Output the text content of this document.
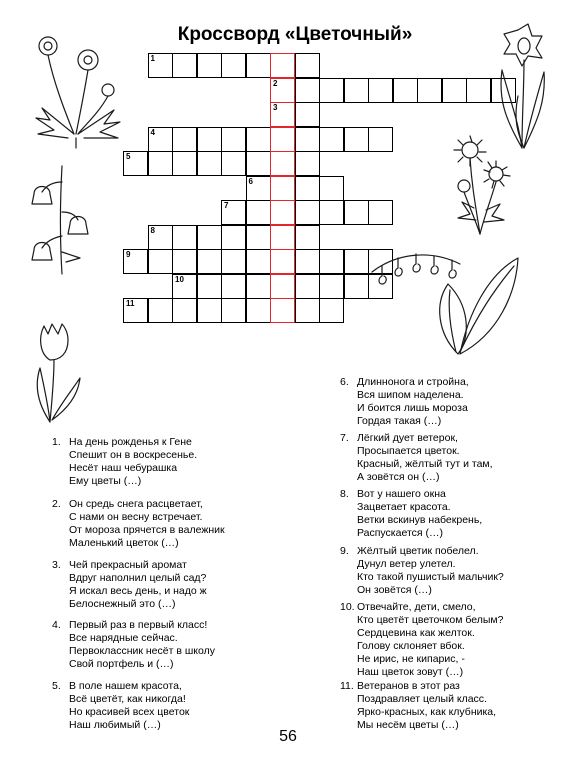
Кроссворд «Цветочный»
1
2
3
4
5
6
7
8
9
10
11
1. На день рожденья к Гене
Спешит он в воскресенье.
Несёт наш чебурашка
Ему цветы (…)
2. Он средь снега расцветает,
С нами он весну встречает.
От мороза прячется в валежник
Маленький цветок (…)
3. Чей прекрасный аромат
Вдруг наполнил целый сад?
Я искал весь день, и надо ж
Белоснежный это (…)
4. Первый раз в первый класс!
Все нарядные сейчас.
Первоклассник несёт в школу
Свой портфель и (…)
5. В поле нашем красота,
Всё цветёт, как никогда!
Но красивей всех цветок
Наш любимый (…)
6. Длинноногa и стройна,
Вся шипом наделена.
И боится лишь мороза
Гордая такая (…)
7. Лёгкий дует ветерок,
Просыпается цветок.
Красный, жёлтый тут и там,
А зовётся он (…)
8. Вот у нашего окна
Зацветает красота.
Ветки вскинув набекрень,
Распускается (…)
9. Жёлтый цветик побелел.
Дунул ветер улетел.
Кто такой пушистый мальчик?
Он зовётся (…)
10. Отвечайте, дети, смело,
Кто цветёт цветочком белым?
Сердцевина как желток.
Голову склоняет вбок.
Не ирис, не кипарис, -
Наш цветок зовут (…)
11. Ветеранов в этот раз
Поздравляет целый класс.
Ярко-красных, как клубника,
Мы несём цветы (…)
56
